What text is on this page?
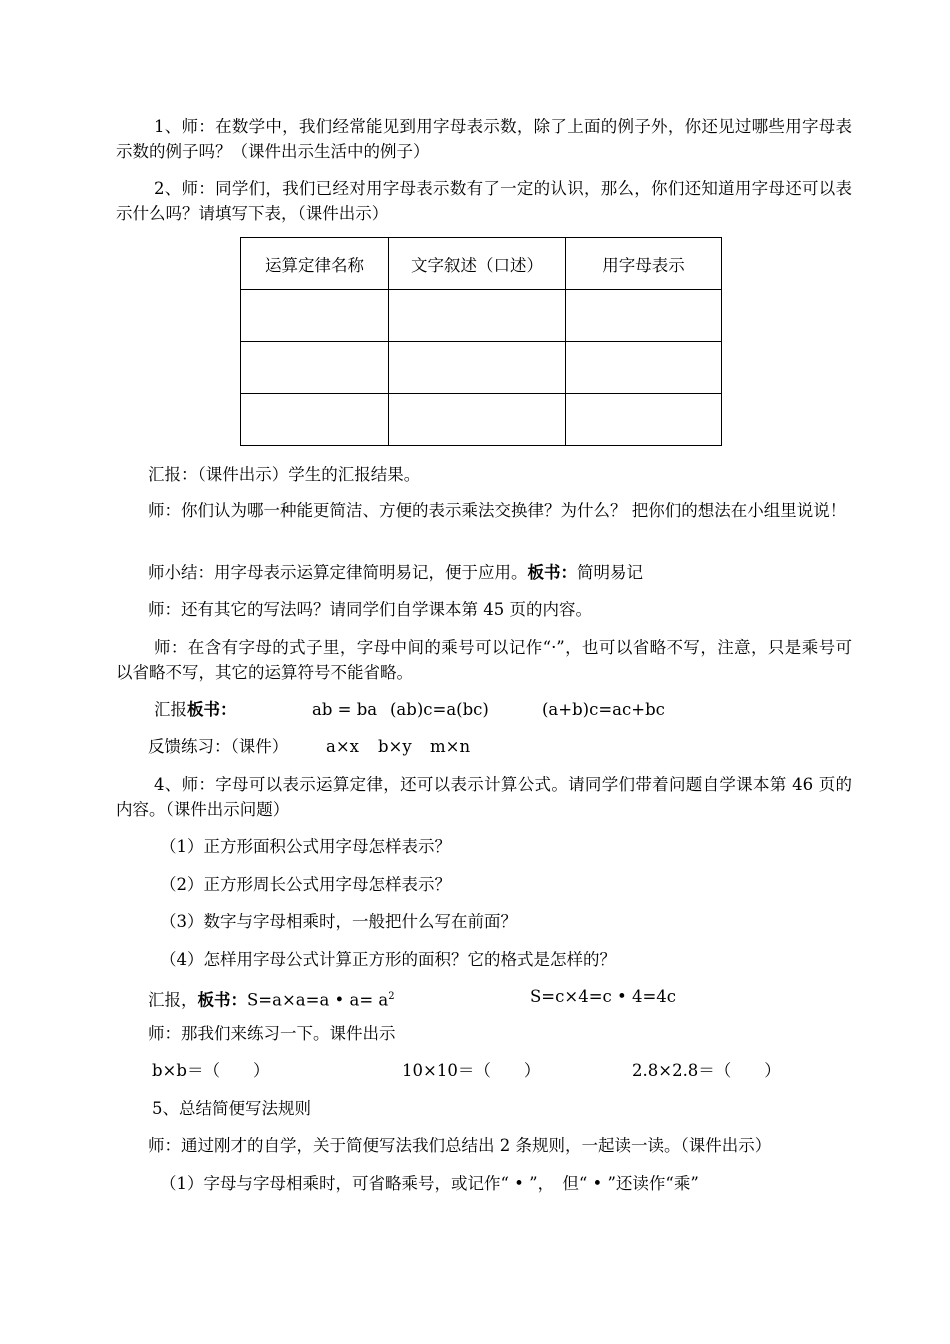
1、师：在数学中，我们经常能见到用字母表示数，除了上面的例子外，你还见过哪些用字母表示数的例子吗？（课件出示生活中的例子）
2、师：同学们，我们已经对用字母表示数有了一定的认识，那么，你们还知道用字母还可以表示什么吗？请填写下表，（课件出示）
运算定律名称	文字叙述（口述）	用字母表示

汇报：（课件出示）学生的汇报结果。
师：你们认为哪一种能更简洁、方便的表示乘法交换律？为什么？ 把你们的想法在小组里说说！
师小结：用字母表示运算定律简明易记，便于应用。板书：简明易记
师：还有其它的写法吗？请同学们自学课本第 45 页的内容。
师：在含有字母的式子里，字母中间的乘号可以记作“·”，也可以省略不写，注意，只是乘号可以省略不写，其它的运算符号不能省略。
汇报板书：	ab = ba (ab)c=a(bc)	(a+b)c=ac+bc
反馈练习：（课件） a×x b×y m×n
4、师：字母可以表示运算定律，还可以表示计算公式。请同学们带着问题自学课本第 46 页的内容。（课件出示问题）
（1）正方形面积公式用字母怎样表示？
（2）正方形周长公式用字母怎样表示？
（3）数字与字母相乘时，一般把什么写在前面？
（4）怎样用字母公式计算正方形的面积？它的格式是怎样的？
汇报，板书：S=a×a=a • $a= a^2$	S=c×4=c • 4=4c
师：那我们来练习一下。课件出示
b×b＝（　　）	10×10＝（　　）	2.8×2.8＝（　　）
5、总结简便写法规则
师：通过刚才的自学，关于简便写法我们总结出 2 条规则，一起读一读。（课件出示）
（1）字母与字母相乘时，可省略乘号，或记作“ • ”，　但“ • ”还读作“乘”
